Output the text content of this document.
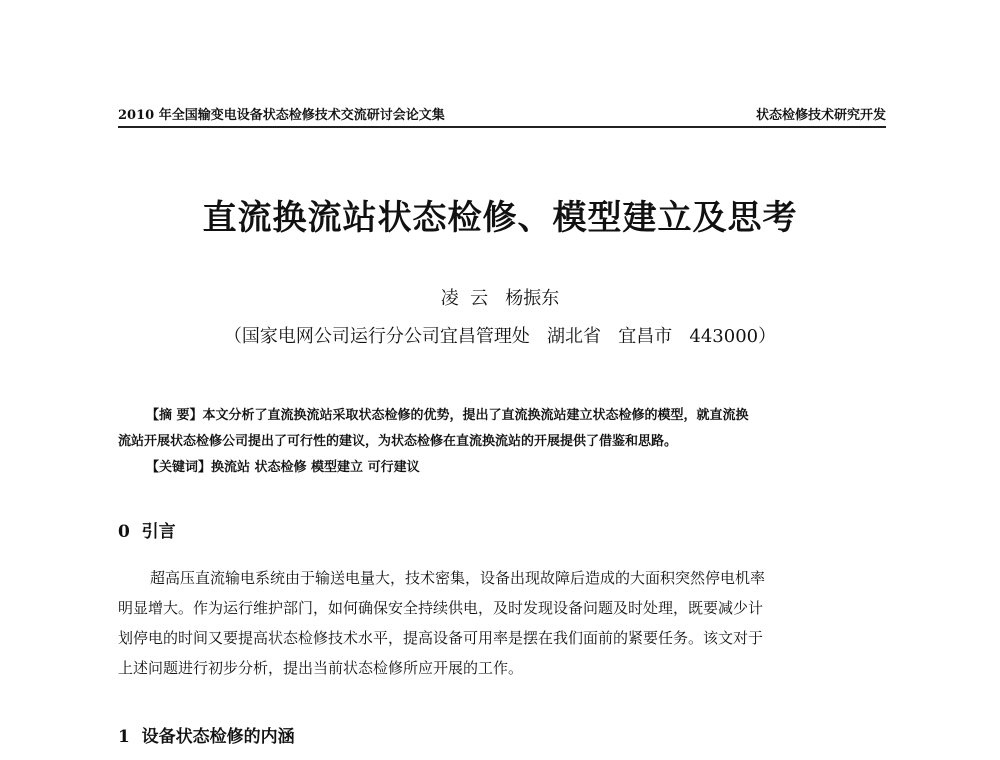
2010 年全国输变电设备状态检修技术交流研讨会论文集	状态检修技术研究开发
直流换流站状态检修、模型建立及思考
凌  云   杨振东
（国家电网公司运行分公司宜昌管理处   湖北省   宜昌市   443000）
【摘 要】本文分析了直流换流站采取状态检修的优势，提出了直流换流站建立状态检修的模型，就直流换
流站开展状态检修公司提出了可行性的建议，为状态检修在直流换流站的开展提供了借鉴和思路。
【关键词】换流站 状态检修 模型建立 可行建议
0  引言
超高压直流输电系统由于输送电量大，技术密集，设备出现故障后造成的大面积突然停电机率
明显增大。作为运行维护部门，如何确保安全持续供电，及时发现设备问题及时处理，既要减少计
划停电的时间又要提高状态检修技术水平，提高设备可用率是摆在我们面前的紧要任务。该文对于
上述问题进行初步分析，提出当前状态检修所应开展的工作。
1  设备状态检修的内涵
